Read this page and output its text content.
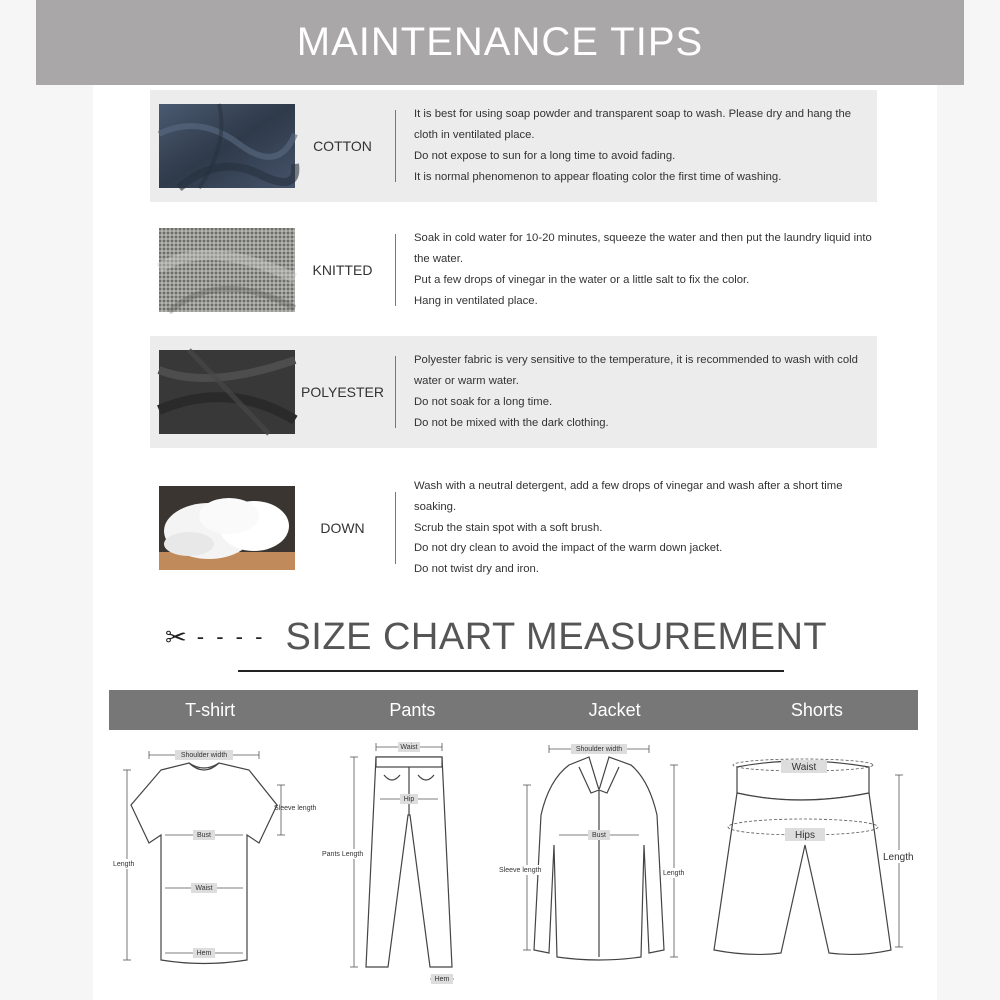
MAINTENANCE TIPS
COTTON

It is best for using soap powder and transparent soap to wash. Please dry and hang the cloth in ventilated place.

Do not expose to sun for a long time to avoid fading.

It is normal phenomenon to appear floating color the first time of washing.

KNITTED

Soak in cold water for 10-20 minutes, squeeze the water and then put the laundry liquid into the water.

Put a few drops of vinegar in the water or a little salt to fix the color.

Hang in ventilated place.

POLYESTER

Polyester fabric is very sensitive to the temperature, it is recommended to wash with cold water or warm water.

Do not soak for a long time.

Do not be mixed with the dark clothing.

DOWN

Wash with a neutral detergent, add a few drops of vinegar and wash after a short time soaking.

Scrub the stain spot with a soft brush.

Do not dry clean to avoid the impact of the warm down jacket.

Do not twist dry and iron.

✂ - - - - SIZE CHART MEASUREMENT
T-shirt	Pants	Jacket	Shorts
Shoulder width
Sleeve length
Bust
Length
Waist
Hem
Waist
Hip
Pants Length
Hem
Shoulder width
Bust
Sleeve length	Length
Waist
Hips
Length
